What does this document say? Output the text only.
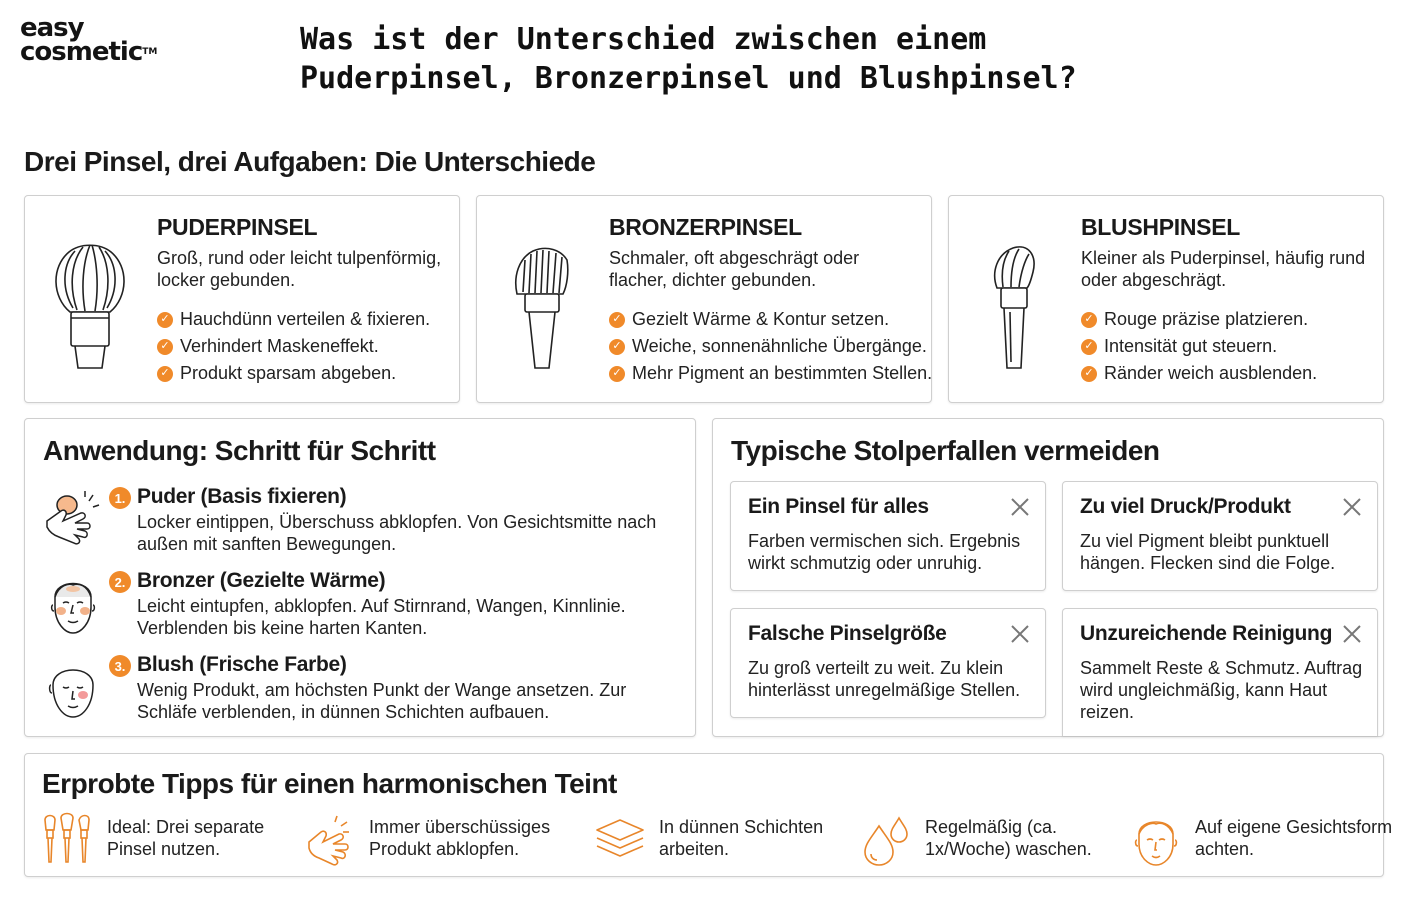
easy
cosmetic™	Was ist der Unterschied zwischen einem Puderpinsel, Bronzerpinsel und Blushpinsel?
Drei Pinsel, drei Aufgaben: Die Unterschiede
PUDERPINSEL
Groß, rund oder leicht tulpenförmig, locker gebunden.
✓ Hauchdünn verteilen & fixieren.
✓ Verhindert Maskeneffekt.
✓ Produkt sparsam abgeben.
BRONZERPINSEL
Schmaler, oft abgeschrägt oder flacher, dichter gebunden.
✓ Gezielt Wärme & Kontur setzen.
✓ Weiche, sonnenähnliche Übergänge.
✓ Mehr Pigment an bestimmten Stellen.
BLUSHPINSEL
Kleiner als Puderpinsel, häufig rund oder abgeschrägt.
✓ Rouge präzise platzieren.
✓ Intensität gut steuern.
✓ Ränder weich ausblenden.
Anwendung: Schritt für Schritt
1. Puder (Basis fixieren)
Locker eintippen, Überschuss abklopfen. Von Gesichtsmitte nach außen mit sanften Bewegungen.
2. Bronzer (Gezielte Wärme)
Leicht eintupfen, abklopfen. Auf Stirnrand, Wangen, Kinnlinie. Verblenden bis keine harten Kanten.
3. Blush (Frische Farbe)
Wenig Produkt, am höchsten Punkt der Wange ansetzen. Zur Schläfe verblenden, in dünnen Schichten aufbauen.
Typische Stolperfallen vermeiden
Ein Pinsel für alles
Farben vermischen sich. Ergebnis wirkt schmutzig oder unruhig.
Zu viel Druck/Produkt
Zu viel Pigment bleibt punktuell hängen. Flecken sind die Folge.
Falsche Pinselgröße
Zu groß verteilt zu weit. Zu klein hinterlässt unregelmäßige Stellen.
Unzureichende Reinigung
Sammelt Reste & Schmutz. Auftrag wird ungleichmäßig, kann Haut reizen.
Erprobte Tipps für einen harmonischen Teint
Ideal: Drei separate Pinsel nutzen.
Immer überschüssiges Produkt abklopfen.
In dünnen Schichten arbeiten.
Regelmäßig (ca. 1x/Woche) waschen.
Auf eigene Gesichtsform achten.
